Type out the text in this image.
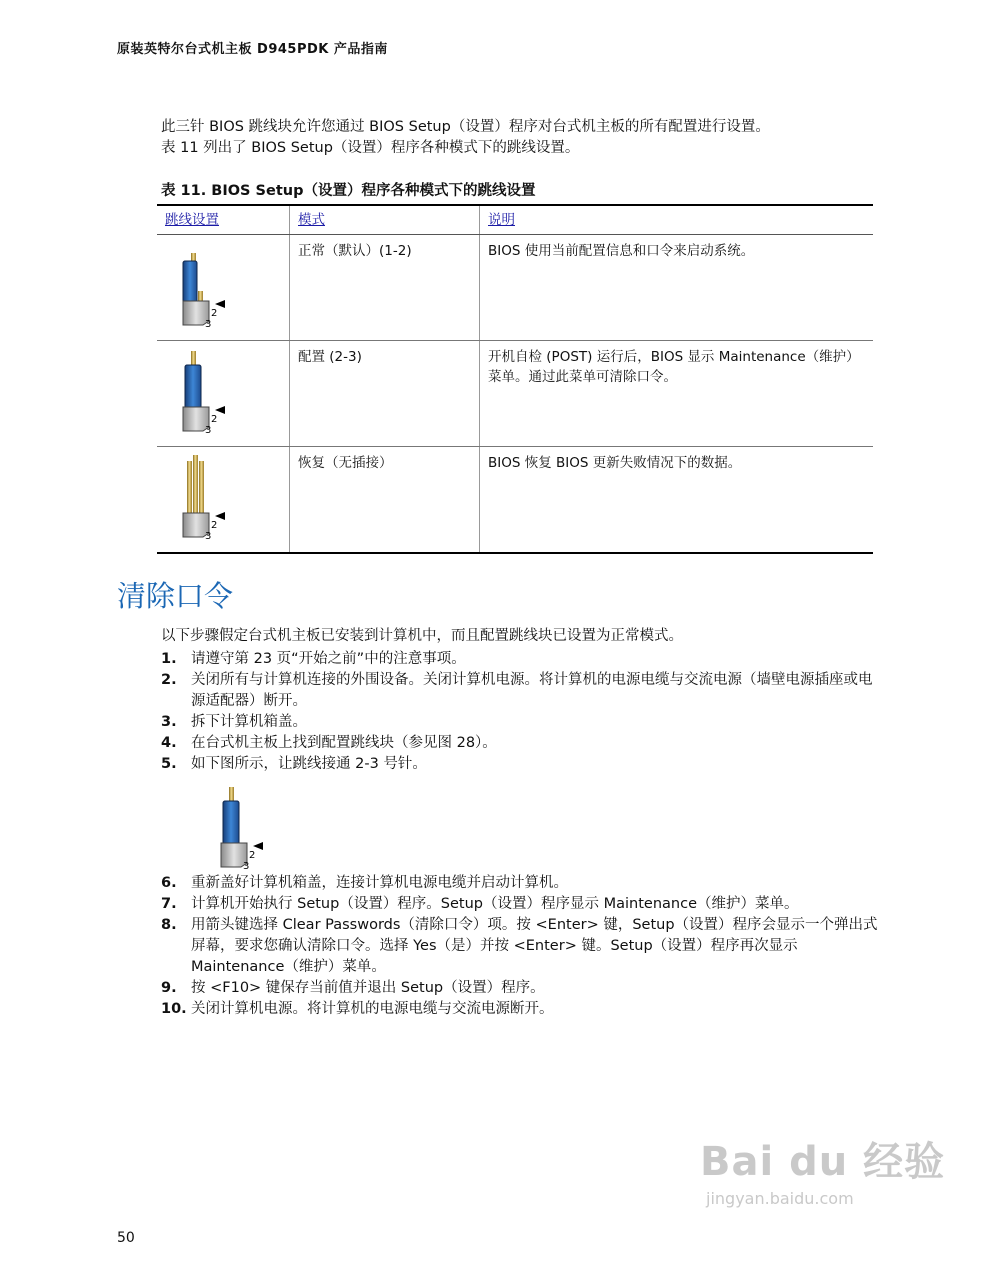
原装英特尔台式机主板 D945PDK 产品指南
此三针 BIOS 跳线块允许您通过 BIOS Setup（设置）程序对台式机主板的所有配置进行设置。
表 11 列出了 BIOS Setup（设置）程序各种模式下的跳线设置。
表 11. BIOS Setup（设置）程序各种模式下的跳线设置
跳线设置	模式	说明

2
3	正常（默认）(1-2)	BIOS 使用当前配置信息和口令来启动系统。

2
3	配置 (2-3)	开机自检 (POST) 运行后，BIOS 显示 Maintenance（维护）菜单。通过此菜单可清除口令。

2
3	恢复（无插接）	BIOS 恢复 BIOS 更新失败情况下的数据。
清除口令
以下步骤假定台式机主板已安装到计算机中，而且配置跳线块已设置为正常模式。
1. 请遵守第 23 页“开始之前”中的注意事项。
2. 关闭所有与计算机连接的外围设备。关闭计算机电源。将计算机的电源电缆与交流电源（墙壁电源插座或电源适配器）断开。
3. 拆下计算机箱盖。
4. 在台式机主板上找到配置跳线块（参见图 28）。
5. 如下图所示，让跳线接通 2-3 号针。
2
3
6. 重新盖好计算机箱盖，连接计算机电源电缆并启动计算机。
7. 计算机开始执行 Setup（设置）程序。Setup（设置）程序显示 Maintenance（维护）菜单。
8. 用箭头键选择 Clear Passwords（清除口令）项。按 <Enter> 键，Setup（设置）程序会显示一个弹出式屏幕，要求您确认清除口令。选择 Yes（是）并按 <Enter> 键。Setup（设置）程序再次显示 Maintenance（维护）菜单。
9. 按 <F10> 键保存当前值并退出 Setup（设置）程序。
10. 关闭计算机电源。将计算机的电源电缆与交流电源断开。
50
Bai du 经验
jingyan.baidu.com
